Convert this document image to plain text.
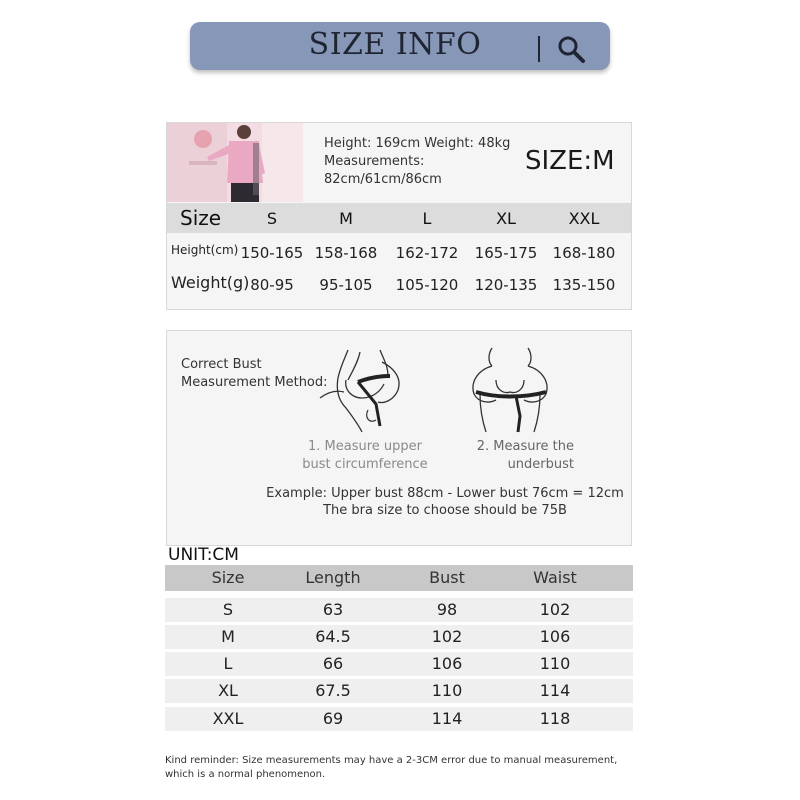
SIZE INFO
Height: 169cm Weight: 48kg
Measurements:
82cm/61cm/86cm
SIZE:M
Size	S	M	L	XL	XXL
Height(cm) 150-165 158-168	162-172	165-175	168-180
Weight(g) 80-95	95-105	105-120	120-135	135-150
Correct Bust
Measurement Method:
1. Measure upper
bust circumference
2. Measure the
underbust
Example: Upper bust 88cm - Lower bust 76cm = 12cm
The bra size to choose should be 75B
UNIT:CM
Size	Length	Bust	Waist
S	63	98	102
M	64.5	102	106
L	66	106	110
XL	67.5	110	114
XXL	69	114	118
Kind reminder: Size measurements may have a 2-3CM error due to manual measurement,
which is a normal phenomenon.
